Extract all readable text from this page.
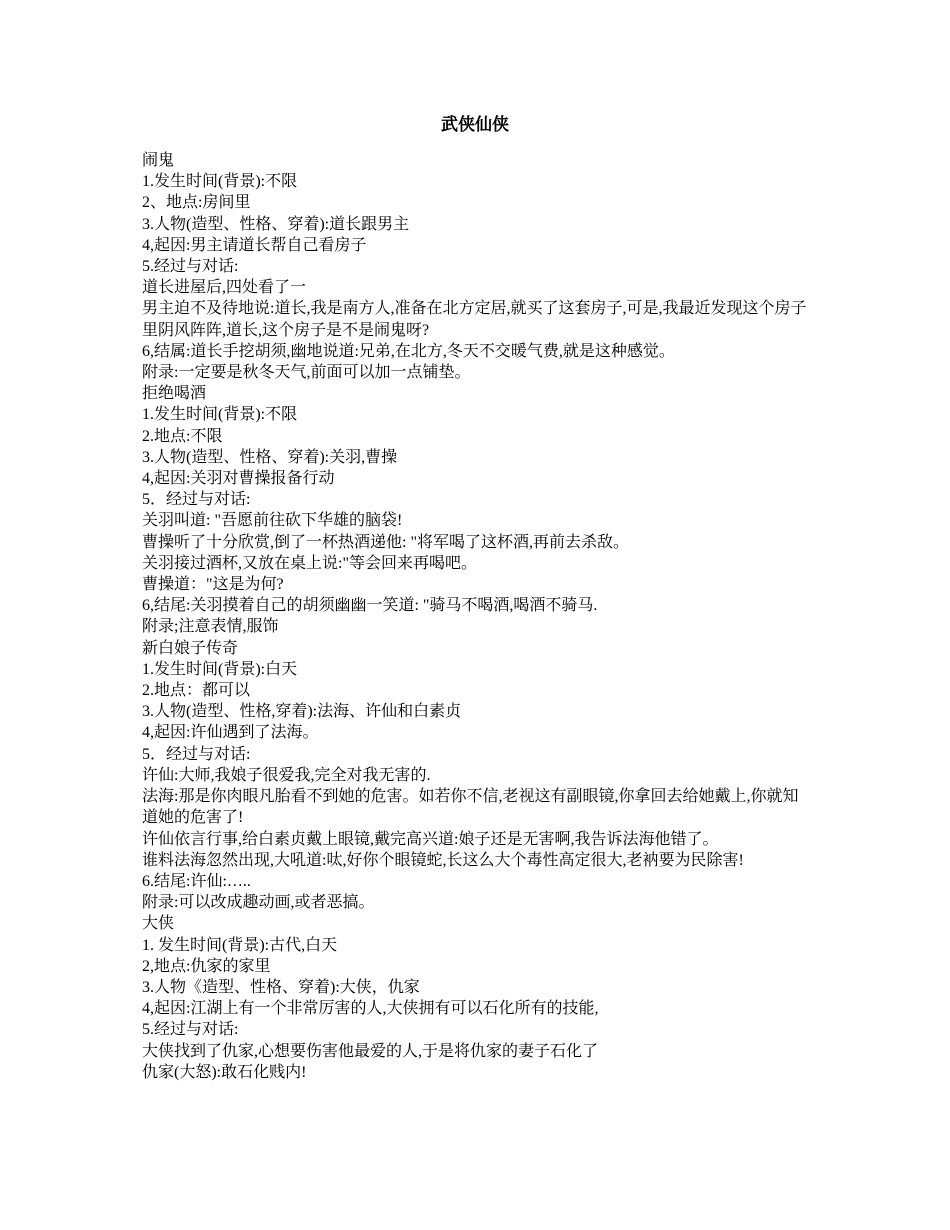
武侠仙侠
闹鬼
1.发生时间(背景):不限
2、地点:房间里
3.人物(造型、性格、穿着):道长跟男主
4,起因:男主请道长帮自己看房子
5.经过与对话:
道长进屋后,四处看了一
男主迫不及待地说:道长,我是南方人,准备在北方定居,就买了这套房子,可是,我最近发现这个房子里阴风阵阵,道长,这个房子是不是闹鬼呀?
6,结属:道长手挖胡须,幽地说道:兄弟,在北方,冬天不交暖气费,就是这种感觉。
附录:一定要是秋冬天气,前面可以加一点铺垫。
拒绝喝酒
1.发生时间(背景):不限
2.地点:不限
3.人物(造型、性格、穿着):关羽,曹操
4,起因:关羽对曹操报备行动
5．经过与对话:
关羽叫道: "吾愿前往砍下华雄的脑袋!
曹操听了十分欣赏,倒了一杯热酒递他: "将军喝了这杯酒,再前去杀敌。
关羽接过酒杯,又放在桌上说:"等会回来再喝吧。
曹操道："这是为何?
6,结尾:关羽摸着自己的胡须幽幽一笑道: "骑马不喝酒,喝酒不骑马.
附录;注意表情,服饰
新白娘子传奇
1.发生时间(背景):白天
2.地点：都可以
3.人物(造型、性格,穿着):法海、许仙和白素贞
4,起因:许仙遇到了法海。
5．经过与对话:
许仙:大师,我娘子很爱我,完全对我无害的.
法海:那是你肉眼凡胎看不到她的危害。如若你不信,老视这有副眼镜,你拿回去给她戴上,你就知道她的危害了!
许仙依言行事,给白素贞戴上眼镜,戴完高兴道:娘子还是无害啊,我告诉法海他错了。
谁料法海忽然出现,大吼道:呔,好你个眼镜蛇,长这么大个毒性高定很大,老衲要为民除害!
6.结尾:许仙:…..
附录:可以改成趣动画,或者恶搞。
大侠
1. 发生时间(背景):古代,白天
2,地点:仇家的家里
3.人物《造型、性格、穿着):大侠，仇家
4,起因:江湖上有一个非常厉害的人,大侠拥有可以石化所有的技能,
5.经过与对话:
大侠找到了仇家,心想要伤害他最爱的人,于是将仇家的妻子石化了
仇家(大怒):敢石化贱内!
